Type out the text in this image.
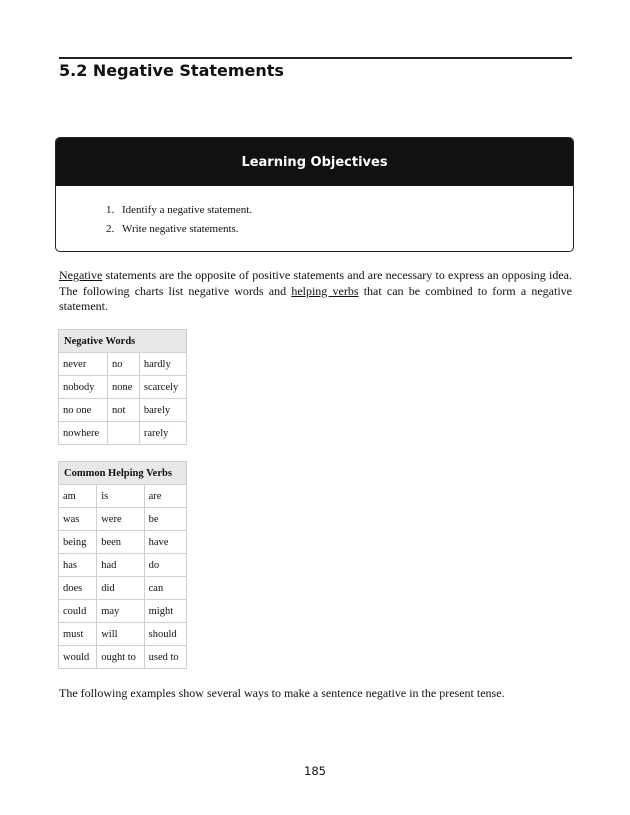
5.2 Negative Statements
Learning Objectives
1. Identify a negative statement.
2. Write negative statements.

Negative statements are the opposite of positive statements and are necessary to express an opposing idea. The following charts list negative words and helping verbs that can be combined to form a negative statement.

Negative Words		
never	no	hardly
nobody	none	scarcely
no one	not	barely
nowhere		rarely
Common Helping Verbs		
am	is	are
was	were	be
being	been	have
has	had	do
does	did	can
could	may	might
must	will	should
would	ought to	used to

The following examples show several ways to make a sentence negative in the present tense.

185
